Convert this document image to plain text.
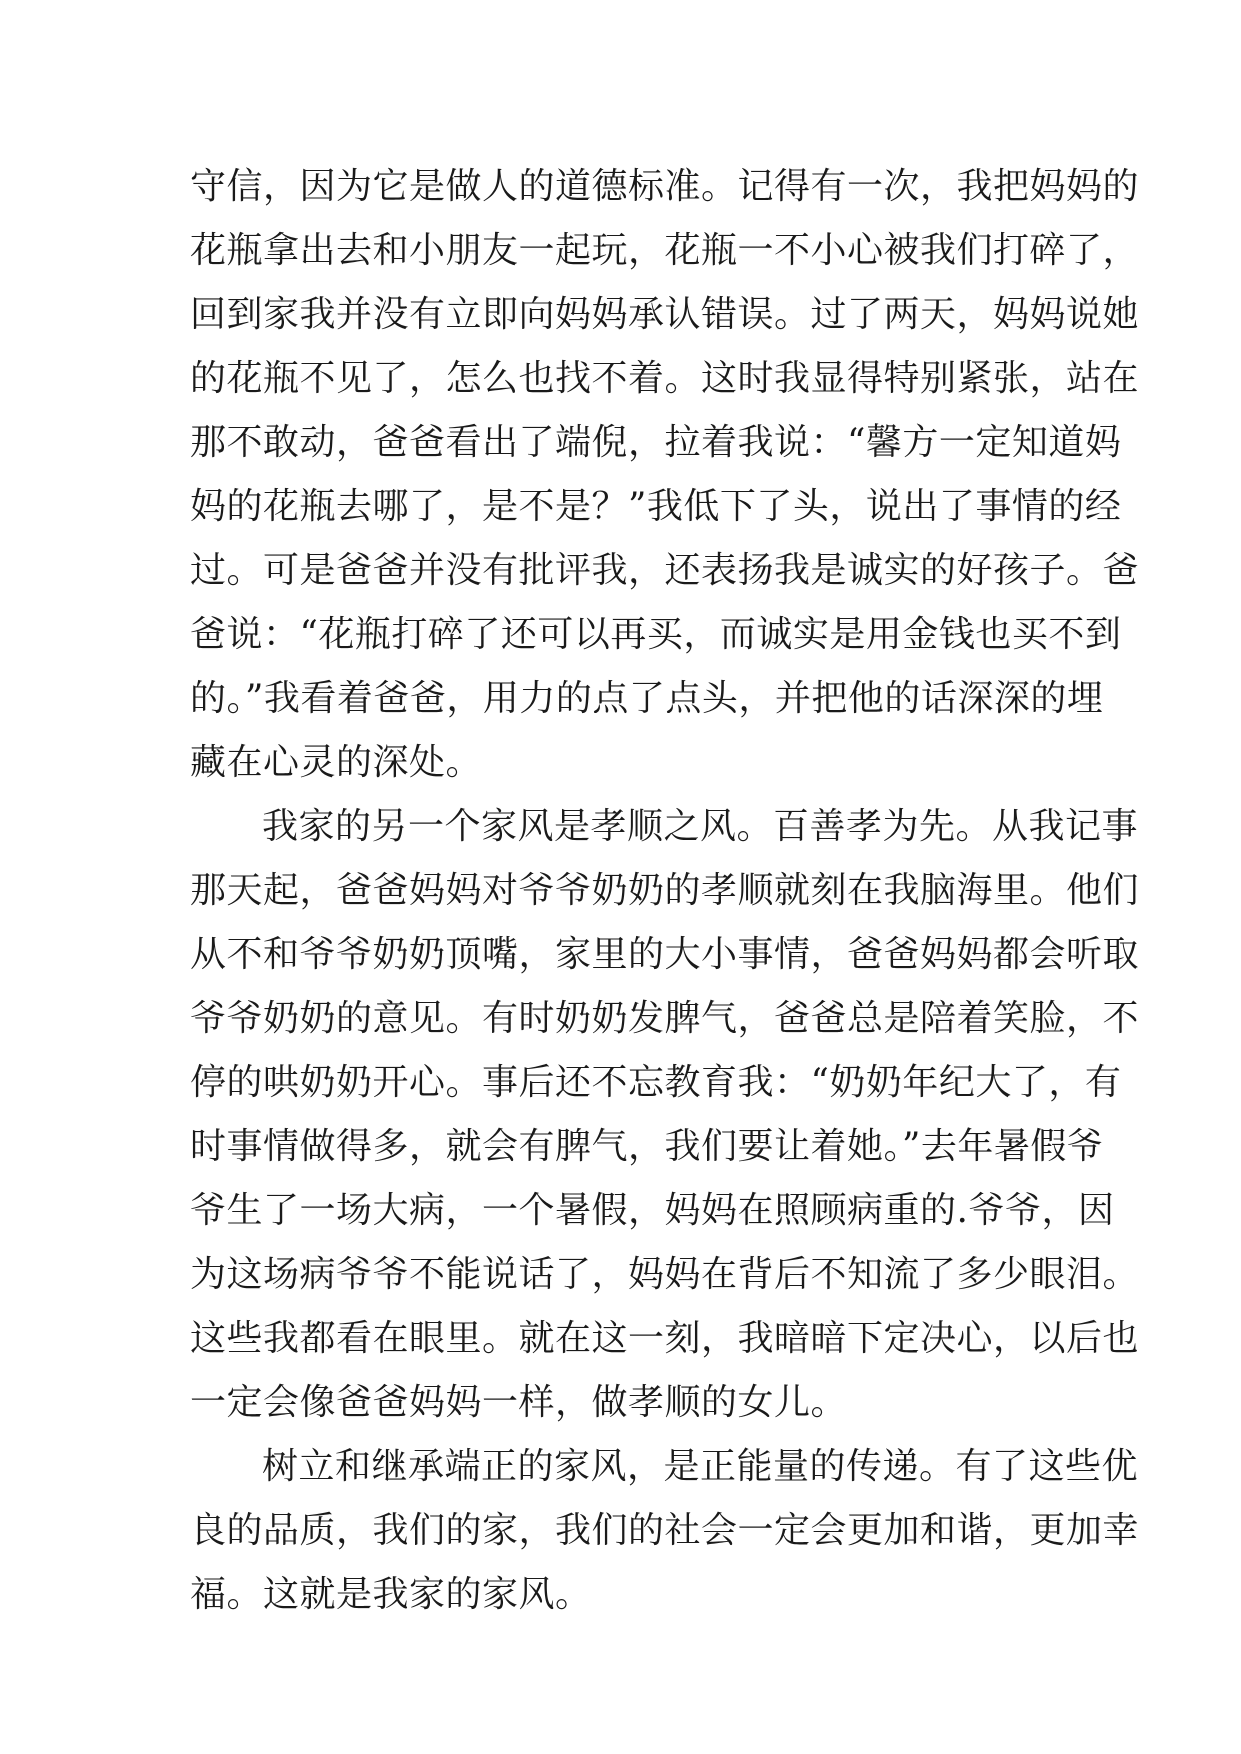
守信，因为它是做人的道德标准。记得有一次，我把妈妈的
花瓶拿出去和小朋友一起玩，花瓶一不小心被我们打碎了，
回到家我并没有立即向妈妈承认错误。过了两天，妈妈说她
的花瓶不见了，怎么也找不着。这时我显得特别紧张，站在
那不敢动，爸爸看出了端倪，拉着我说：“馨方一定知道妈
妈的花瓶去哪了，是不是？”我低下了头，说出了事情的经
过。可是爸爸并没有批评我，还表扬我是诚实的好孩子。爸
爸说：“花瓶打碎了还可以再买，而诚实是用金钱也买不到
的。”我看着爸爸，用力的点了点头，并把他的话深深的埋
藏在心灵的深处。
我家的另一个家风是孝顺之风。百善孝为先。从我记事
那天起，爸爸妈妈对爷爷奶奶的孝顺就刻在我脑海里。他们
从不和爷爷奶奶顶嘴，家里的大小事情，爸爸妈妈都会听取
爷爷奶奶的意见。有时奶奶发脾气，爸爸总是陪着笑脸，不
停的哄奶奶开心。事后还不忘教育我：“奶奶年纪大了，有
时事情做得多，就会有脾气，我们要让着她。”去年暑假爷
爷生了一场大病，一个暑假，妈妈在照顾病重的.爷爷，因
为这场病爷爷不能说话了，妈妈在背后不知流了多少眼泪。
这些我都看在眼里。就在这一刻，我暗暗下定决心，以后也
一定会像爸爸妈妈一样，做孝顺的女儿。
树立和继承端正的家风，是正能量的传递。有了这些优
良的品质，我们的家，我们的社会一定会更加和谐，更加幸
福。这就是我家的家风。
